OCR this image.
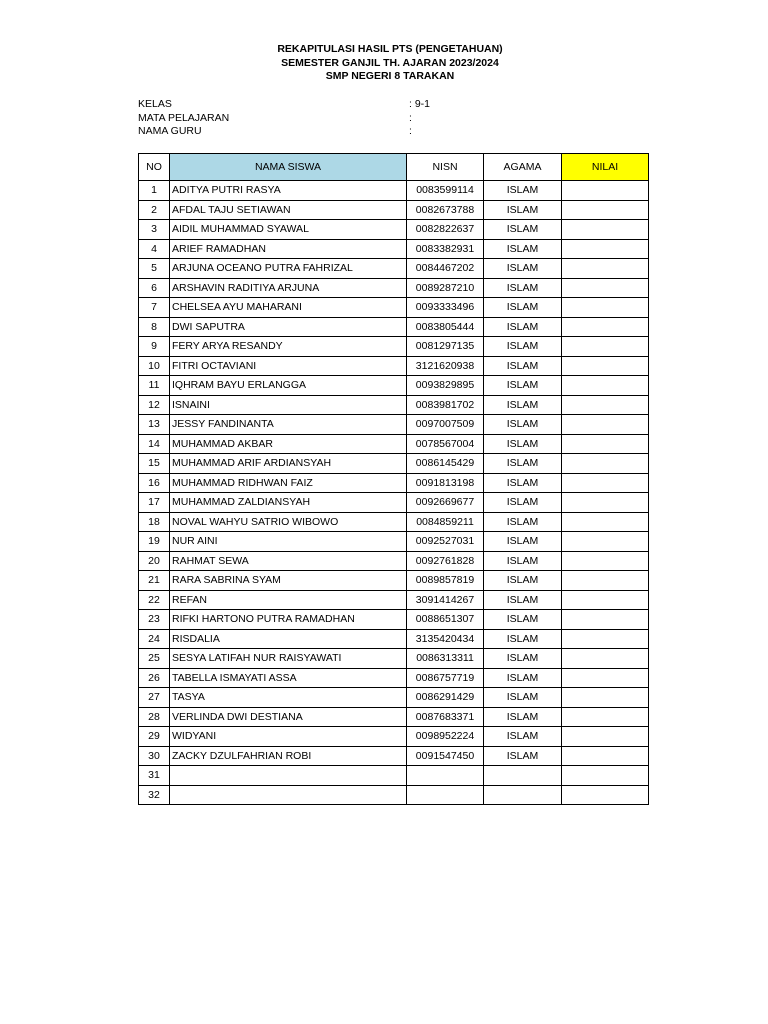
REKAPITULASI HASIL PTS (PENGETAHUAN)
SEMESTER GANJIL TH. AJARAN 2023/2024
SMP NEGERI 8 TARAKAN
KELAS	: 9-1
MATA PELAJARAN	:
NAMA GURU	:
NO	NAMA SISWA	NISN	AGAMA	NILAI
1	ADITYA PUTRI RASYA	0083599114	ISLAM	
2	AFDAL TAJU SETIAWAN	0082673788	ISLAM	
3	AIDIL MUHAMMAD SYAWAL	0082822637	ISLAM	
4	ARIEF RAMADHAN	0083382931	ISLAM	
5	ARJUNA OCEANO PUTRA FAHRIZAL	0084467202	ISLAM	
6	ARSHAVIN RADITIYA ARJUNA	0089287210	ISLAM	
7	CHELSEA AYU MAHARANI	0093333496	ISLAM	
8	DWI SAPUTRA	0083805444	ISLAM	
9	FERY ARYA RESANDY	0081297135	ISLAM	
10	FITRI OCTAVIANI	3121620938	ISLAM	
11	IQHRAM BAYU ERLANGGA	0093829895	ISLAM	
12	ISNAINI	0083981702	ISLAM	
13	JESSY FANDINANTA	0097007509	ISLAM	
14	MUHAMMAD AKBAR	0078567004	ISLAM	
15	MUHAMMAD ARIF ARDIANSYAH	0086145429	ISLAM	
16	MUHAMMAD RIDHWAN FAIZ	0091813198	ISLAM	
17	MUHAMMAD ZALDIANSYAH	0092669677	ISLAM	
18	NOVAL WAHYU SATRIO WIBOWO	0084859211	ISLAM	
19	NUR AINI	0092527031	ISLAM	
20	RAHMAT SEWA	0092761828	ISLAM	
21	RARA SABRINA SYAM	0089857819	ISLAM	
22	REFAN	3091414267	ISLAM	
23	RIFKI HARTONO PUTRA RAMADHAN	0088651307	ISLAM	
24	RISDALIA	3135420434	ISLAM	
25	SESYA LATIFAH NUR RAISYAWATI	0086313311	ISLAM	
26	TABELLA ISMAYATI ASSA	0086757719	ISLAM	
27	TASYA	0086291429	ISLAM	
28	VERLINDA DWI DESTIANA	0087683371	ISLAM	
29	WIDYANI	0098952224	ISLAM	
30	ZACKY DZULFAHRIAN ROBI	0091547450	ISLAM	
31				
32				
